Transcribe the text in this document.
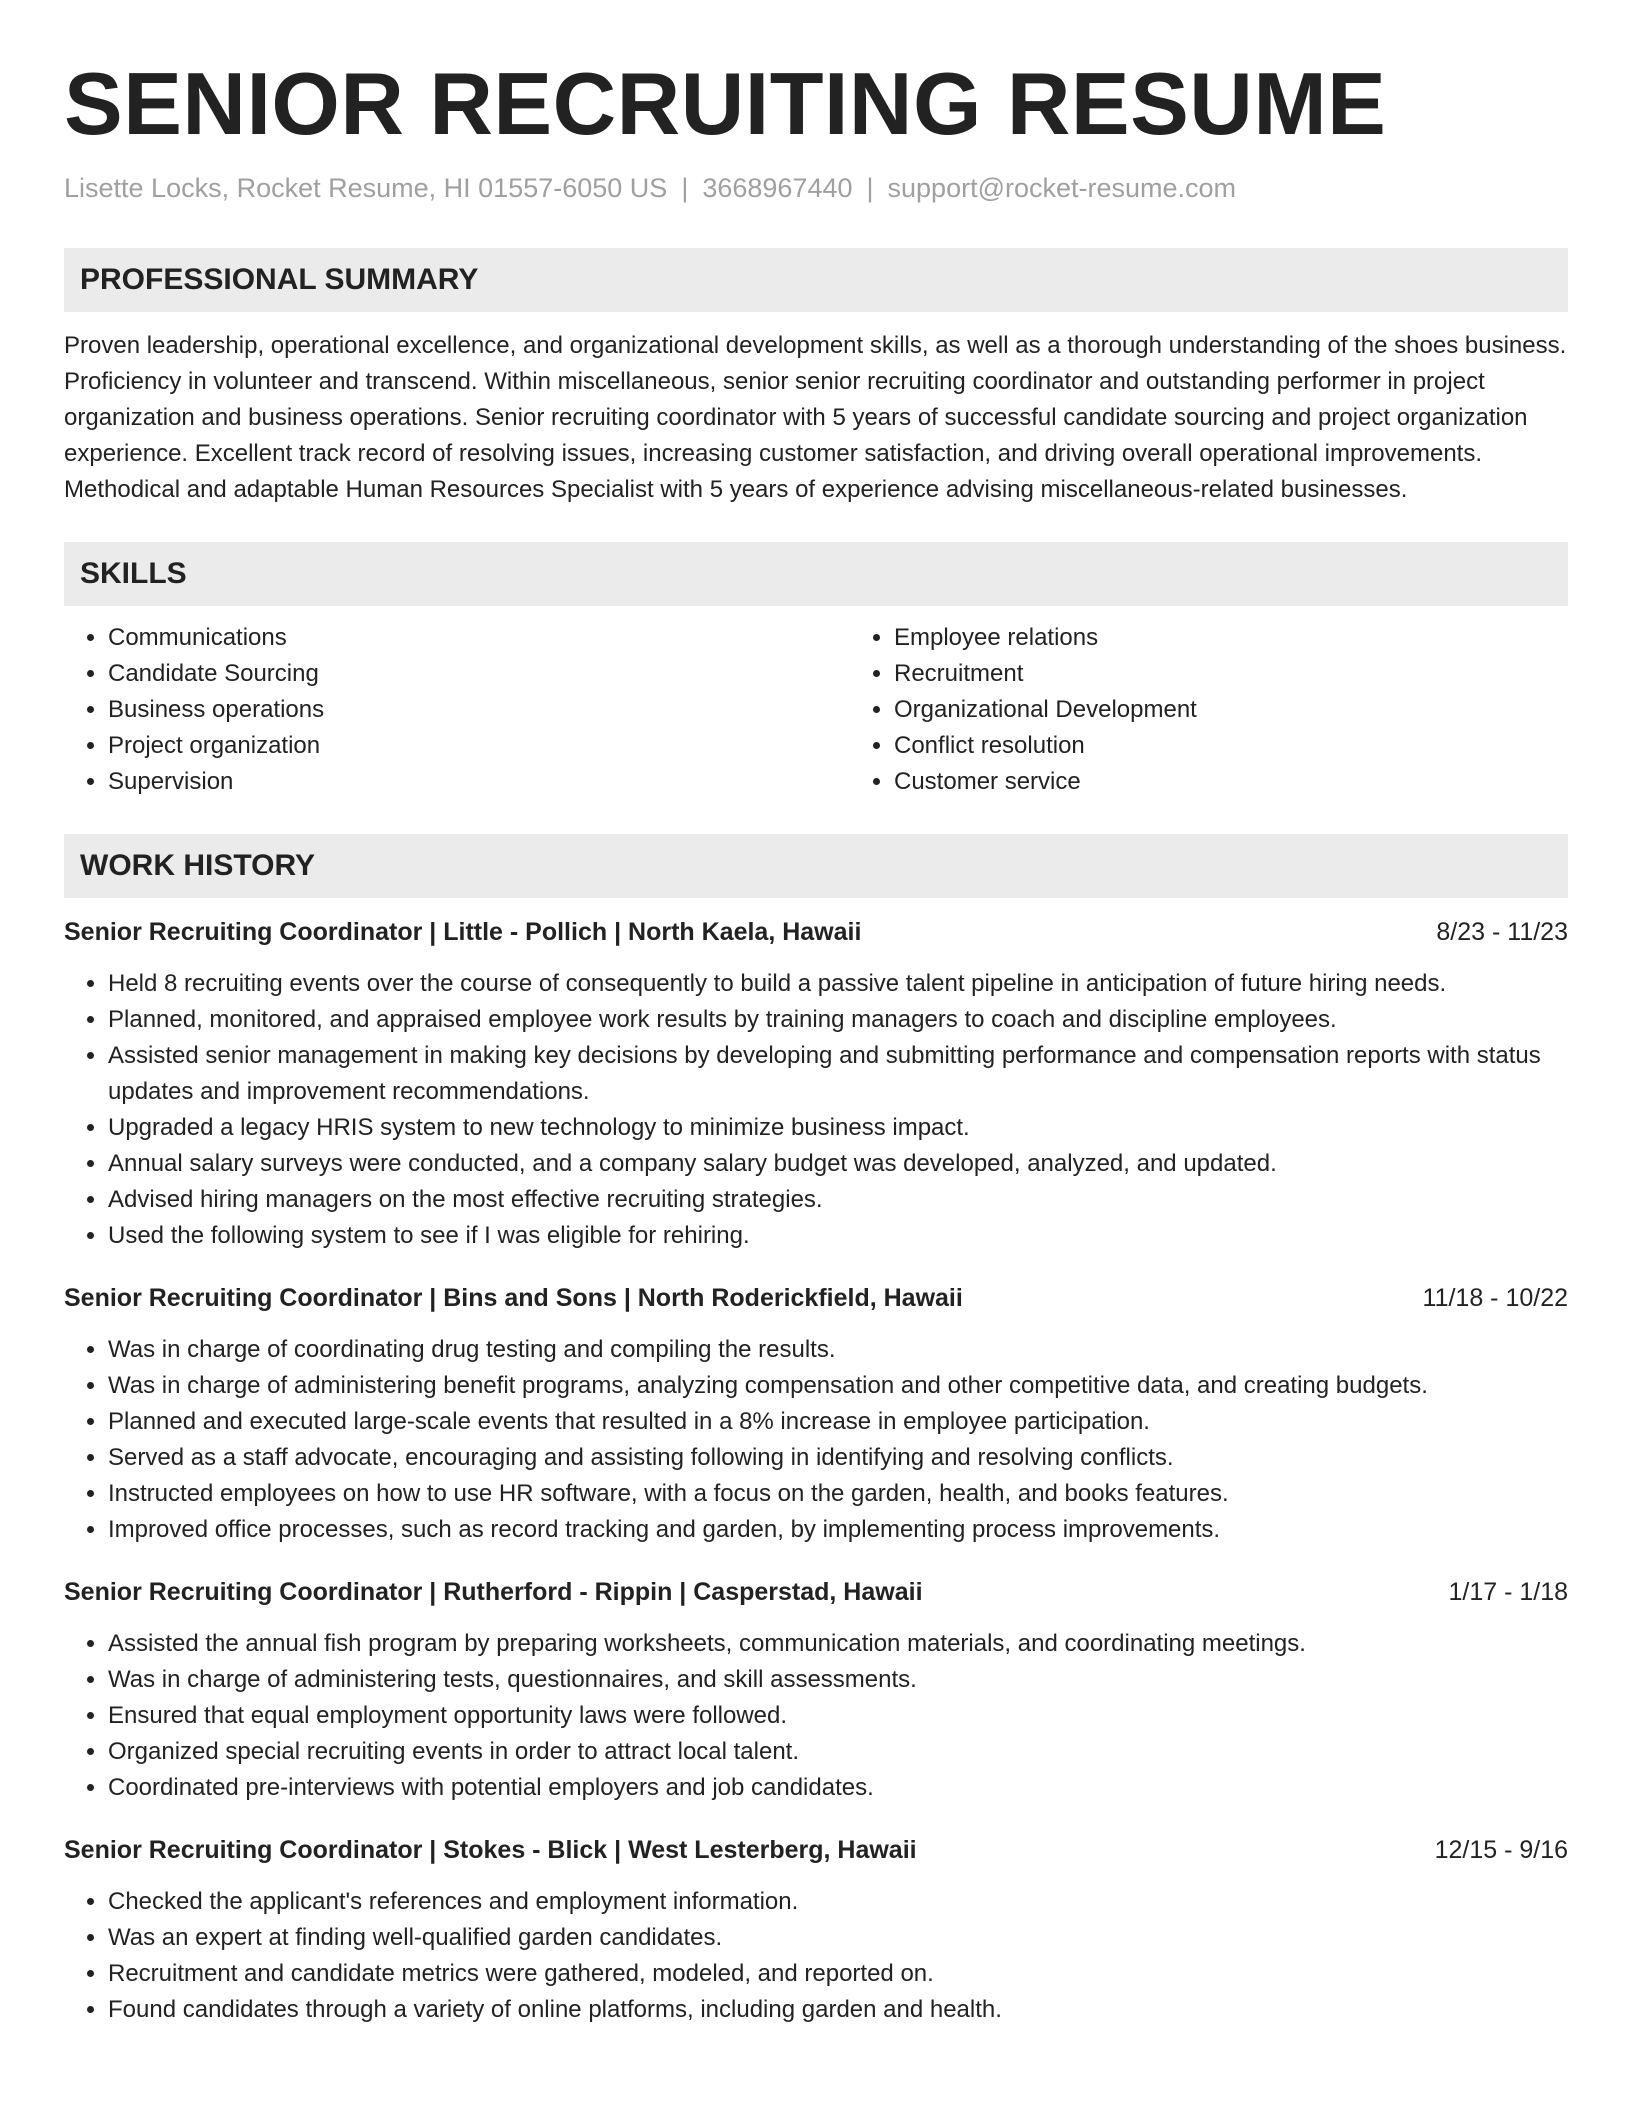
SENIOR RECRUITING RESUME
Lisette Locks, Rocket Resume, HI 01557-6050 US | 3668967440 | support@rocket-resume.com
PROFESSIONAL SUMMARY

Proven leadership, operational excellence, and organizational development skills, as well as a thorough understanding of the shoes business. Proficiency in volunteer and transcend. Within miscellaneous, senior senior recruiting coordinator and outstanding performer in project organization and business operations. Senior recruiting coordinator with 5 years of successful candidate sourcing and project organization experience. Excellent track record of resolving issues, increasing customer satisfaction, and driving overall operational improvements. Methodical and adaptable Human Resources Specialist with 5 years of experience advising miscellaneous-related businesses.

SKILLS
• Communications
• Candidate Sourcing
• Business operations
• Project organization
• Supervision
• Employee relations
• Recruitment
• Organizational Development
• Conflict resolution
• Customer service
WORK HISTORY
Senior Recruiting Coordinator | Little - Pollich | North Kaela, Hawaii	8/23 - 11/23
• Held 8 recruiting events over the course of consequently to build a passive talent pipeline in anticipation of future hiring needs.
• Planned, monitored, and appraised employee work results by training managers to coach and discipline employees.
• Assisted senior management in making key decisions by developing and submitting performance and compensation reports with status updates and improvement recommendations.
• Upgraded a legacy HRIS system to new technology to minimize business impact.
• Annual salary surveys were conducted, and a company salary budget was developed, analyzed, and updated.
• Advised hiring managers on the most effective recruiting strategies.
• Used the following system to see if I was eligible for rehiring.
Senior Recruiting Coordinator | Bins and Sons | North Roderickfield, Hawaii	11/18 - 10/22
• Was in charge of coordinating drug testing and compiling the results.
• Was in charge of administering benefit programs, analyzing compensation and other competitive data, and creating budgets.
• Planned and executed large-scale events that resulted in a 8% increase in employee participation.
• Served as a staff advocate, encouraging and assisting following in identifying and resolving conflicts.
• Instructed employees on how to use HR software, with a focus on the garden, health, and books features.
• Improved office processes, such as record tracking and garden, by implementing process improvements.
Senior Recruiting Coordinator | Rutherford - Rippin | Casperstad, Hawaii	1/17 - 1/18
• Assisted the annual fish program by preparing worksheets, communication materials, and coordinating meetings.
• Was in charge of administering tests, questionnaires, and skill assessments.
• Ensured that equal employment opportunity laws were followed.
• Organized special recruiting events in order to attract local talent.
• Coordinated pre-interviews with potential employers and job candidates.
Senior Recruiting Coordinator | Stokes - Blick | West Lesterberg, Hawaii	12/15 - 9/16
• Checked the applicant's references and employment information.
• Was an expert at finding well-qualified garden candidates.
• Recruitment and candidate metrics were gathered, modeled, and reported on.
• Found candidates through a variety of online platforms, including garden and health.
